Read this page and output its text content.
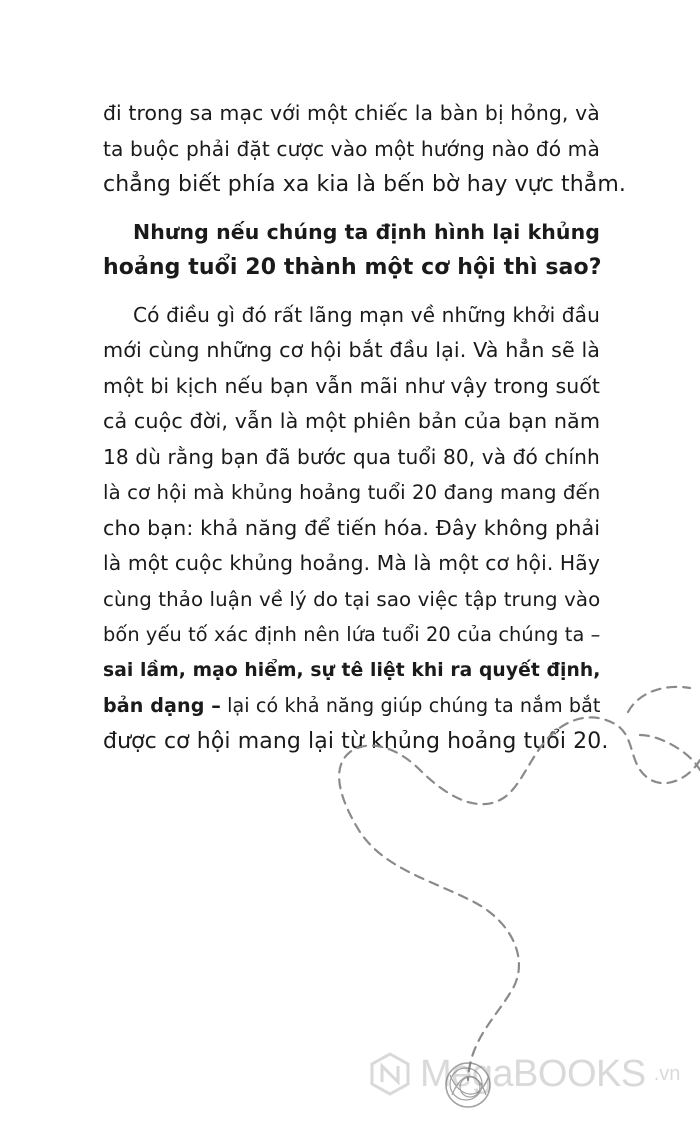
đi trong sa mạc với một chiếc la bàn bị hỏng, và
ta buộc phải đặt cược vào một hướng nào đó mà
chẳng biết phía xa kia là bến bờ hay vực thẳm.

Nhưng nếu chúng ta định hình lại khủng
hoảng tuổi 20 thành một cơ hội thì sao?

Có điều gì đó rất lãng mạn về những khởi đầu
mới cùng những cơ hội bắt đầu lại. Và hẳn sẽ là
một bi kịch nếu bạn vẫn mãi như vậy trong suốt
cả cuộc đời, vẫn là một phiên bản của bạn năm
18 dù rằng bạn đã bước qua tuổi 80, và đó chính
là cơ hội mà khủng hoảng tuổi 20 đang mang đến
cho bạn: khả năng để tiến hóa. Đây không phải
là một cuộc khủng hoảng. Mà là một cơ hội. Hãy
cùng thảo luận về lý do tại sao việc tập trung vào
bốn yếu tố xác định nên lứa tuổi 20 của chúng ta –
sai lầm, mạo hiểm, sự tê liệt khi ra quyết định,
bản dạng – lại có khả năng giúp chúng ta nắm bắt
được cơ hội mang lại từ khủng hoảng tuổi 20.

MegaBOOKS .vn
